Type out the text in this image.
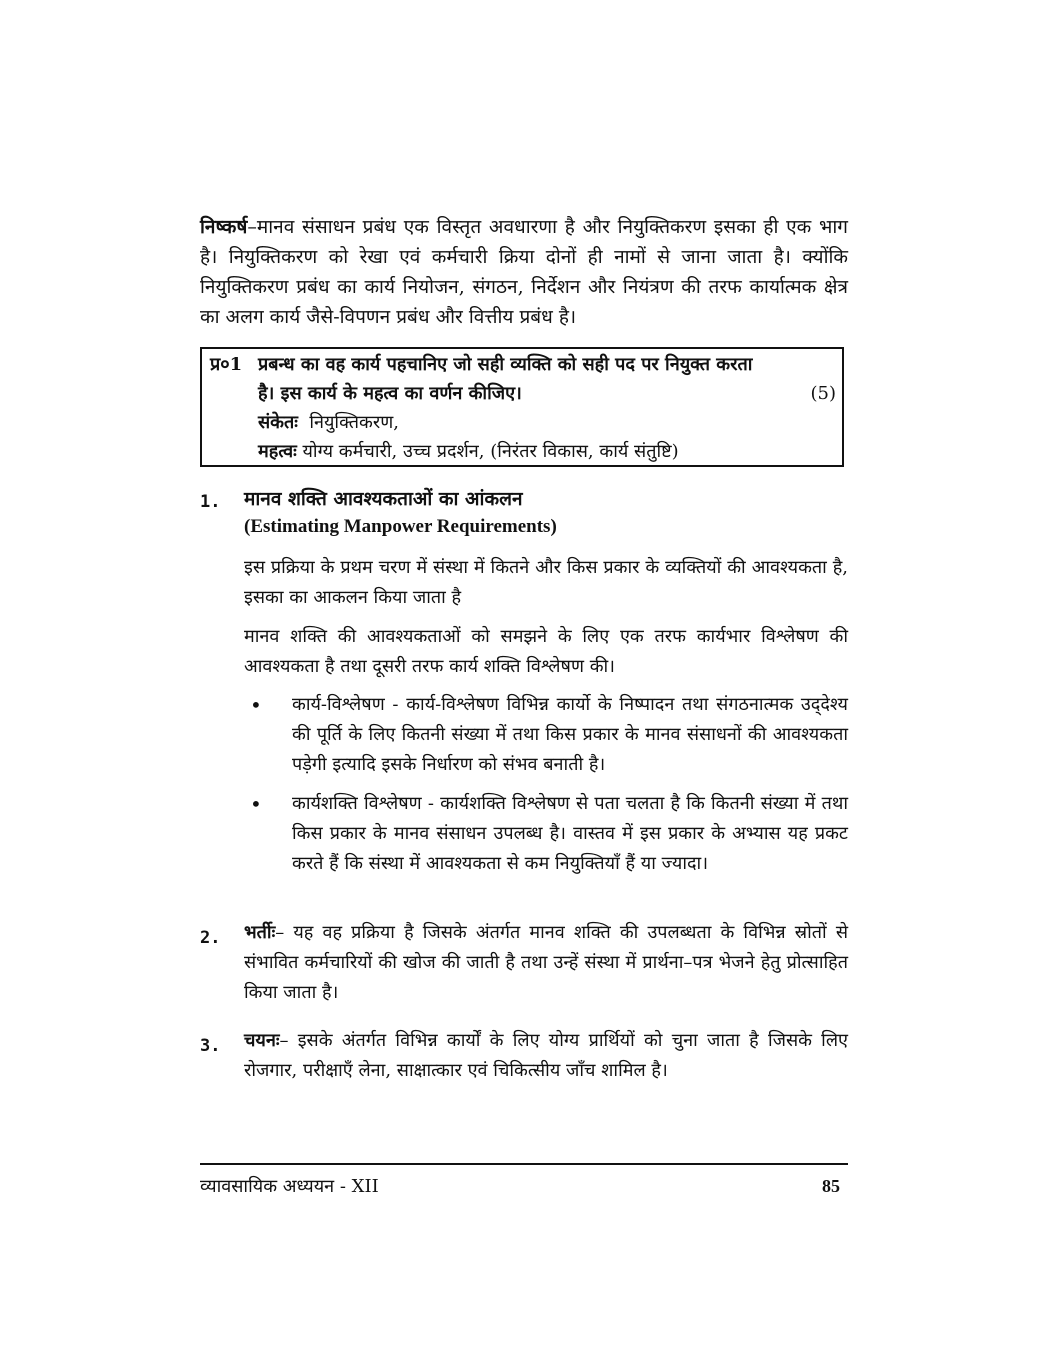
निष्कर्ष–मानव संसाधन प्रबंध एक विस्तृत अवधारणा है और नियुक्तिकरण इसका ही एक भाग है। नियुक्तिकरण को रेखा एवं कर्मचारी क्रिया दोनों ही नामों से जाना जाता है। क्योंकि नियुक्तिकरण प्रबंध का कार्य नियोजन, संगठन, निर्देशन और नियंत्रण की तरफ कार्यात्मक क्षेत्र का अलग कार्य जैसे-विपणन प्रबंध और वित्तीय प्रबंध है।
प्र०1 प्रबन्ध का वह कार्य पहचानिए जो सही व्यक्ति को सही पद पर नियुक्त करता
है। इस कार्य के महत्व का वर्णन कीजिए।	(5)
संकेतः नियुक्तिकरण,
महत्वः योग्य कर्मचारी, उच्च प्रदर्शन, (निरंतर विकास, कार्य संतुष्टि)
1. मानव शक्ति आवश्यकताओं का आंकलन
(Estimating Manpower Requirements)
इस प्रक्रिया के प्रथम चरण में संस्था में कितने और किस प्रकार के व्यक्तियों की आवश्यकता है, इसका का आकलन किया जाता है
मानव शक्ति की आवश्यकताओं को समझने के लिए एक तरफ कार्यभार विश्लेषण की आवश्यकता है तथा दूसरी तरफ कार्य शक्ति विश्लेषण की।
• कार्य-विश्लेषण - कार्य-विश्लेषण विभिन्न कार्यो के निष्पादन तथा संगठनात्मक उद्‌देश्य की पूर्ति के लिए कितनी संख्या में तथा किस प्रकार के मानव संसाधनों की आवश्यकता पड़ेगी इत्यादि इसके निर्धारण को संभव बनाती है।
• कार्यशक्ति विश्लेषण - कार्यशक्ति विश्लेषण से पता चलता है कि कितनी संख्या में तथा किस प्रकार के मानव संसाधन उपलब्ध है। वास्तव में इस प्रकार के अभ्यास यह प्रकट करते हैं कि संस्था में आवश्यकता से कम नियुक्तियाँ हैं या ज्यादा।
2. भर्तीः– यह वह प्रक्रिया है जिसके अंतर्गत मानव शक्ति की उपलब्धता के विभिन्न स्रोतों से संभावित कर्मचारियों की खोज की जाती है तथा उन्हें संस्था में प्रार्थना–पत्र भेजने हेतु प्रोत्साहित किया जाता है।
3. चयनः– इसके अंतर्गत विभिन्न कार्यों के लिए योग्य प्रार्थियों को चुना जाता है जिसके लिए रोजगार, परीक्षाएँ लेना, साक्षात्कार एवं चिकित्सीय जाँच शामिल है।
व्यावसायिक अध्ययन - XII	85
